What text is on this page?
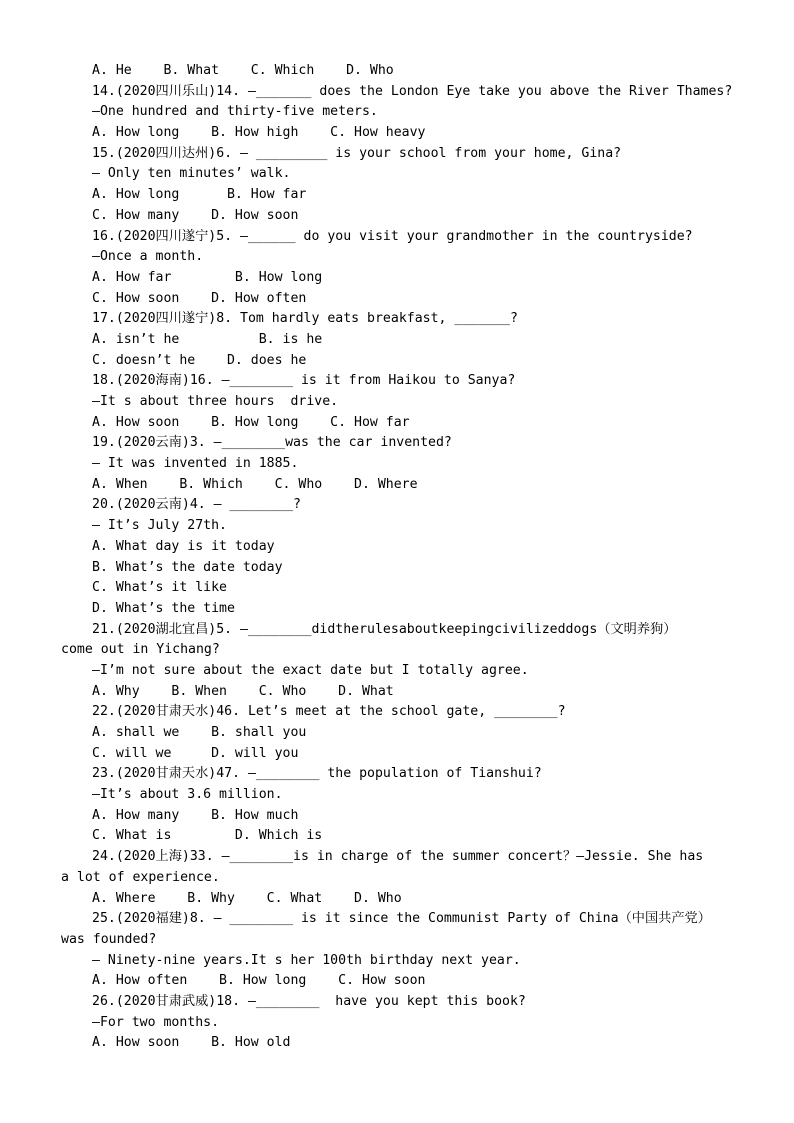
A. He    B. What    C. Which    D. Who
14.(2020四川乐山)14. —_______ does the London Eye take you above the River Thames?
—One hundred and thirty-five meters.
A. How long    B. How high    C. How heavy
15.(2020四川达州)6. — _________ is your school from your home, Gina?
— Only ten minutes’ walk.
A. How long      B. How far
C. How many    D. How soon
16.(2020四川遂宁)5. —______ do you visit your grandmother in the countryside?
—Once a month.
A. How far        B. How long
C. How soon    D. How often
17.(2020四川遂宁)8. Tom hardly eats breakfast, _______?
A. isn’t he          B. is he
C. doesn’t he    D. does he
18.(2020海南)16. —________ is it from Haikou to Sanya?
—It s about three hours  drive.
A. How soon    B. How long    C. How far
19.(2020云南)3. —________was the car invented?
— It was invented in 1885.
A. When    B. Which    C. Who    D. Where
20.(2020云南)4. — ________?
— It’s July 27th.
A. What day is it today
B. What’s the date today
C. What’s it like
D. What’s the time
21.(2020湖北宜昌)5. —________didtherulesaboutkeepingcivilizeddogs（文明养狗）
come out in Yichang?
—I’m not sure about the exact date but I totally agree.
A. Why    B. When    C. Who    D. What
22.(2020甘肃天水)46. Let’s meet at the school gate, ________?
A. shall we    B. shall you
C. will we     D. will you
23.(2020甘肃天水)47. —________ the population of Tianshui?
—It’s about 3.6 million.
A. How many    B. How much
C. What is        D. Which is
24.(2020上海)33. —________is in charge of the summer concert？—Jessie. She has
a lot of experience.
A. Where    B. Why    C. What    D. Who
25.(2020福建)8. — ________ is it since the Communist Party of China（中国共产党）
was founded?
— Ninety-nine years.It s her 100th birthday next year.
A. How often    B. How long    C. How soon
26.(2020甘肃武威)18. —________  have you kept this book?
—For two months.
A. How soon    B. How old
